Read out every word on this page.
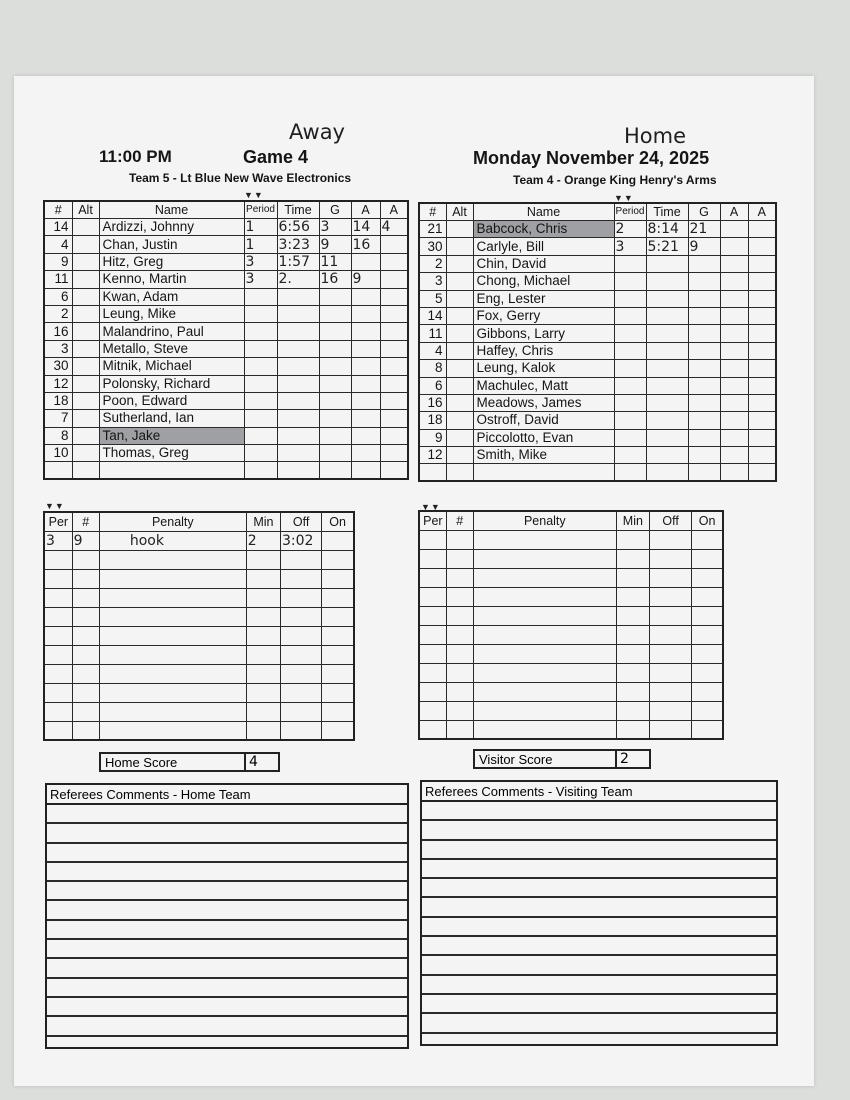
11:00 PM	Game 4
Away	Home
Monday November 24, 2025
Team 5 - Lt Blue New Wave Electronics	Team 4 - Orange King Henry's Arms
▼▼	▼▼
▼▼	▼▼
#	Alt	Name	Period	Time	G	A	A
14		Ardizzi, Johnny	1	6:56	3	14	4
4		Chan, Justin	1	3:23	9	16	
9		Hitz, Greg	3	1:57	11		
11		Kenno, Martin	3	2.	16	9	
6		Kwan, Adam					
2		Leung, Mike					
16		Malandrino, Paul					
3		Metallo, Steve					
30		Mitnik, Michael					
12		Polonsky, Richard					
18		Poon, Edward					
7		Sutherland, Ian					
8		Tan, Jake					
10		Thomas, Greg					

#	Alt	Name	Period	Time	G	A	A
21		Babcock, Chris	2	8:14	21		
30		Carlyle, Bill	3	5:21	9		
2		Chin, David					
3		Chong, Michael					
5		Eng, Lester					
14		Fox, Gerry					
11		Gibbons, Larry					
4		Haffey, Chris					
8		Leung, Kalok					
6		Machulec, Matt					
16		Meadows, James					
18		Ostroff, David					
9		Piccolotto, Evan					
12		Smith, Mike					

Per	#	Penalty	Min	Off	On
3	9	hook	2	3:02	

Per	#	Penalty	Min	Off	On

Home Score	4	Visitor Score	2
Referees Comments - Home Team	Referees Comments - Visiting Team
